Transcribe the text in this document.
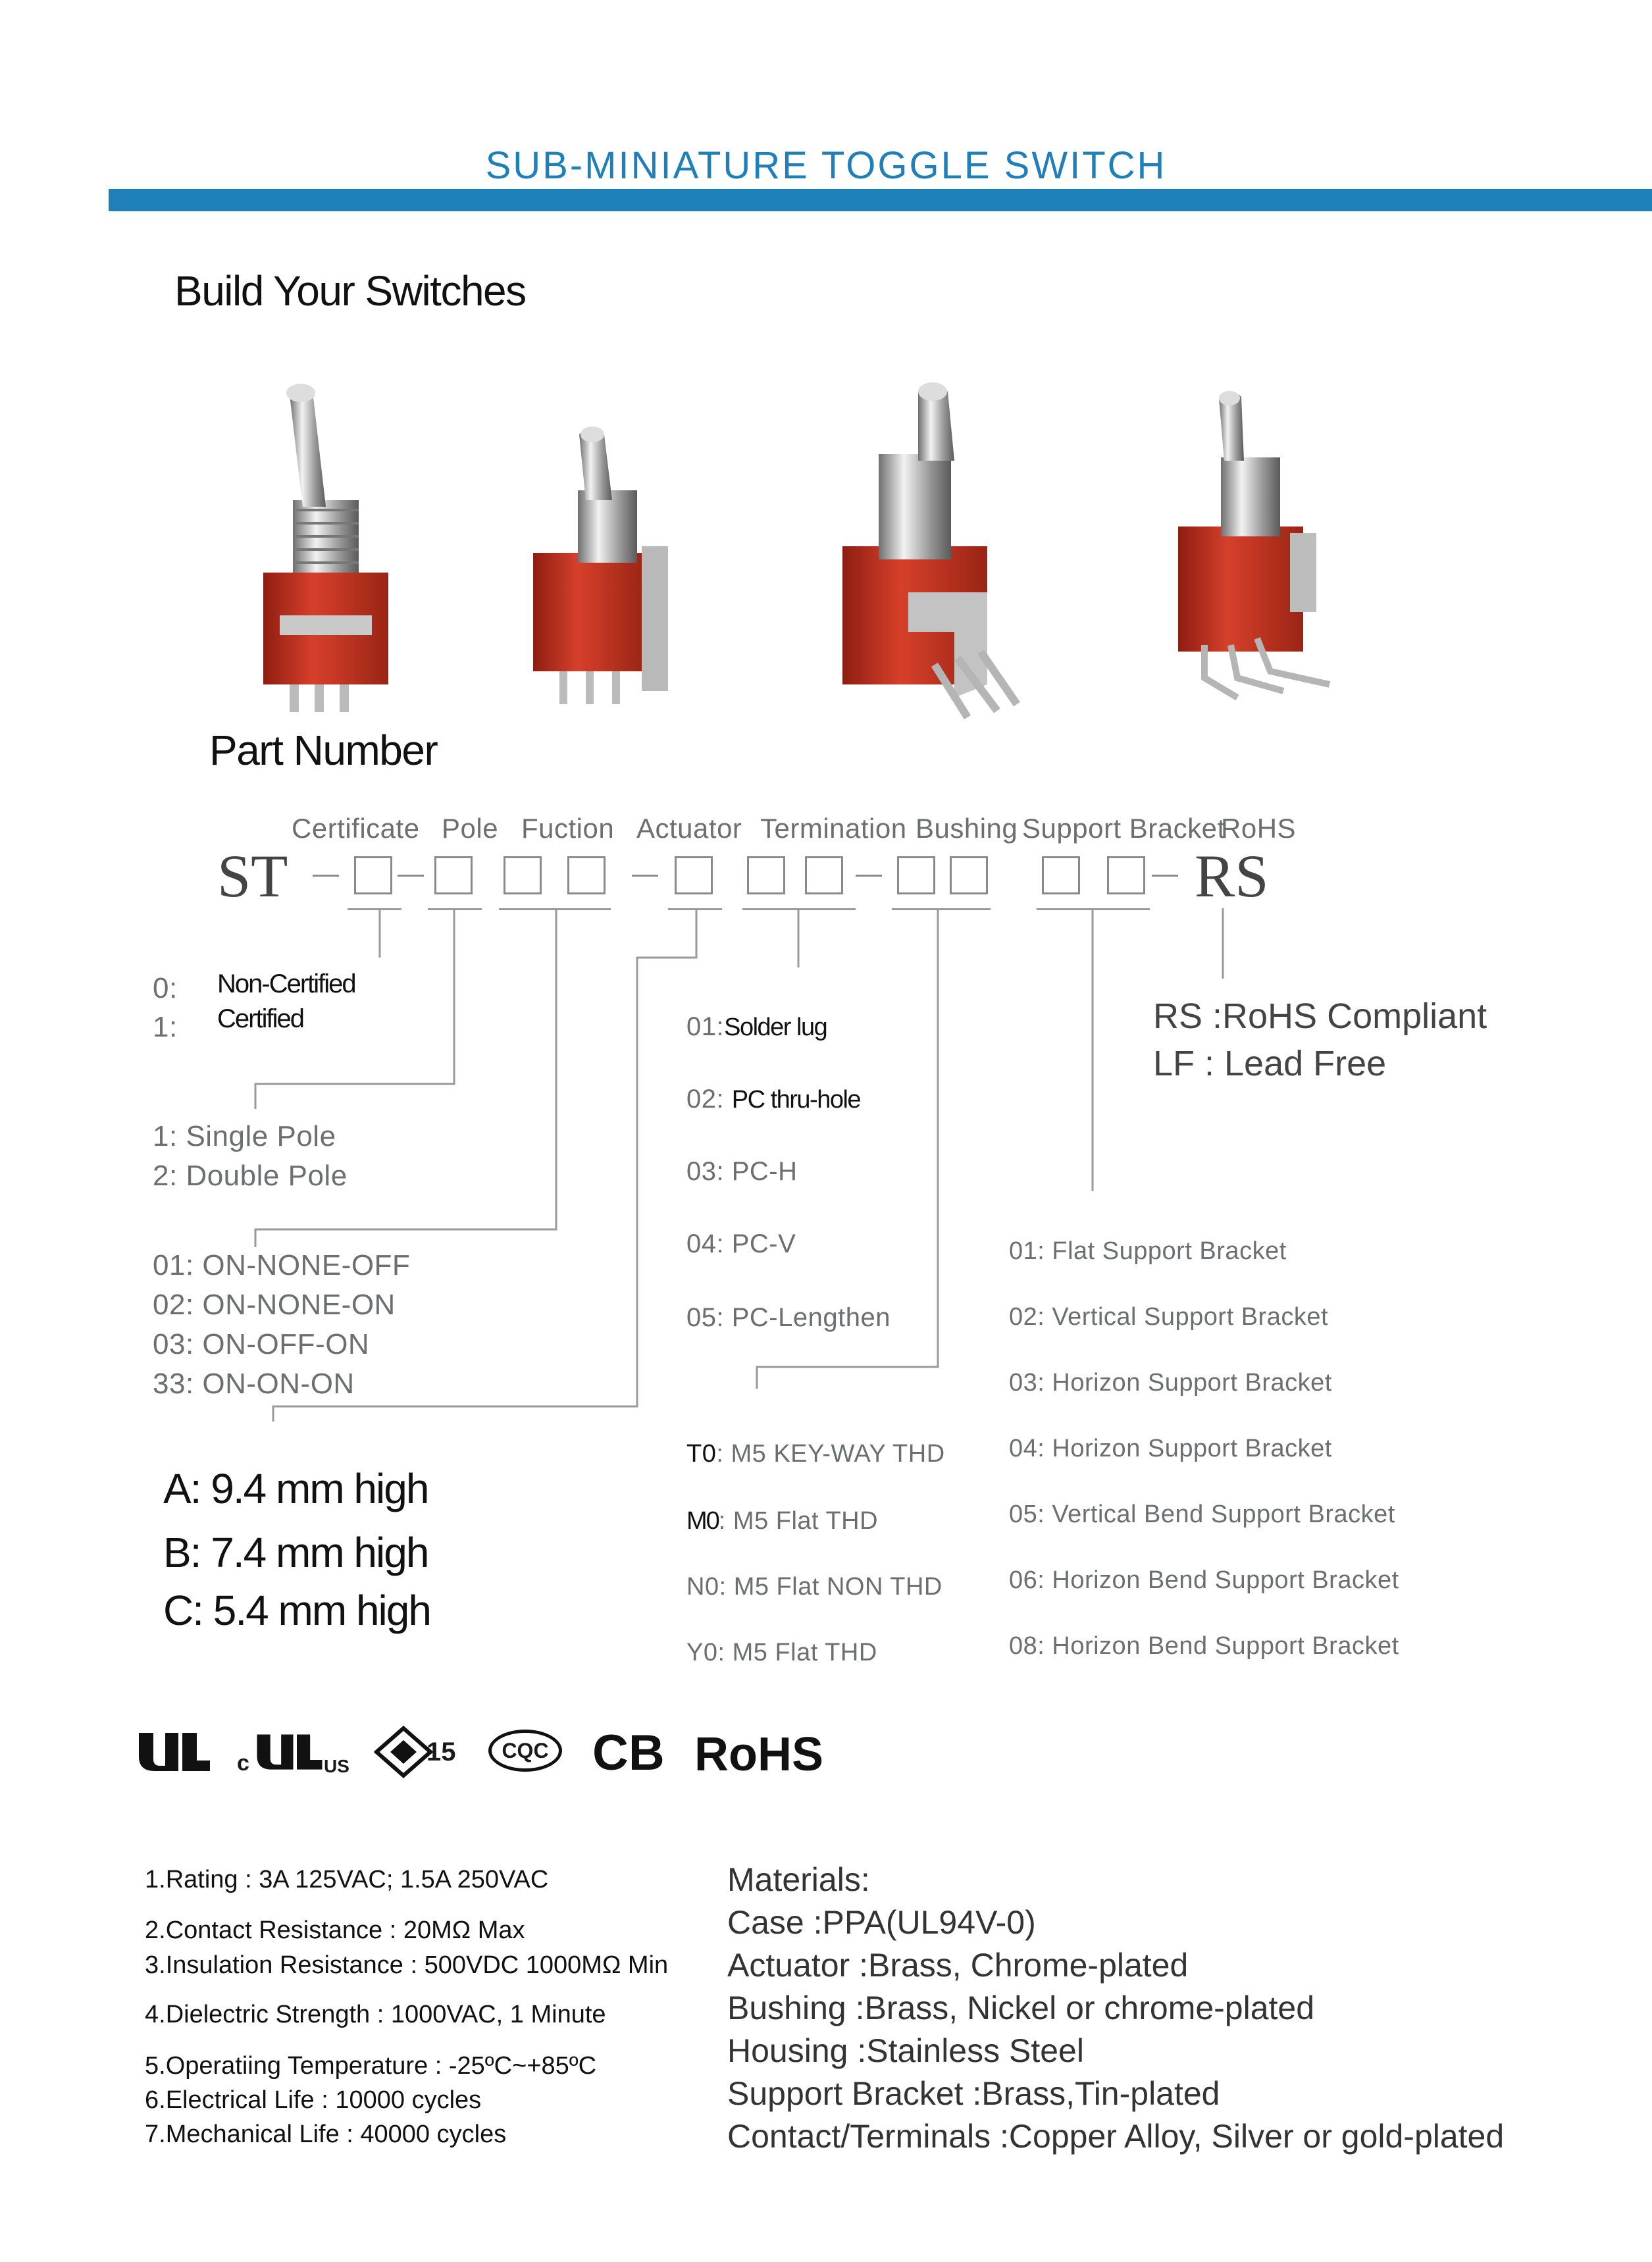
SUB-MINIATURE TOGGLE SWITCH
Build Your Switches
Part Number
Certificate Pole Fuction Actuator Termination Bushing Support Bracket
RoHS
ST	RS
0: Non-Certified
1: Certified
1: Single Pole
2: Double Pole
01: ON-NONE-OFF
02: ON-NONE-ON
03: ON-OFF-ON
33: ON-ON-ON
A: 9.4 mm high
B: 7.4 mm high
C: 5.4 mm high
01:Solder lug
02: PC thru-hole
03: PC-H
04: PC-V
05: PC-Lengthen
T0: M5 KEY-WAY THD
M0: M5 Flat THD
N0: M5 Flat NON THD
Y0: M5 Flat THD
01: Flat Support Bracket
02: Vertical Support Bracket
03: Horizon Support Bracket
04: Horizon Support Bracket
05: Vertical Bend Support Bracket
06: Horizon Bend Support Bracket
08: Horizon Bend Support Bracket
RS :RoHS Compliant
LF : Lead Free
c	US	15	CQC CB RoHS
1.Rating : 3A 125VAC; 1.5A 250VAC
2.Contact Resistance : 20MΩ Max
3.Insulation Resistance : 500VDC 1000MΩ Min
4.Dielectric Strength : 1000VAC, 1 Minute
5.Operatiing Temperature : -25ºC~+85ºC
6.Electrical Life : 10000 cycles
7.Mechanical Life : 40000 cycles
Materials:
Case :PPA(UL94V-0)
Actuator :Brass, Chrome-plated
Bushing :Brass, Nickel or chrome-plated
Housing :Stainless Steel
Support Bracket :Brass,Tin-plated
Contact/Terminals :Copper Alloy, Silver or gold-plated
